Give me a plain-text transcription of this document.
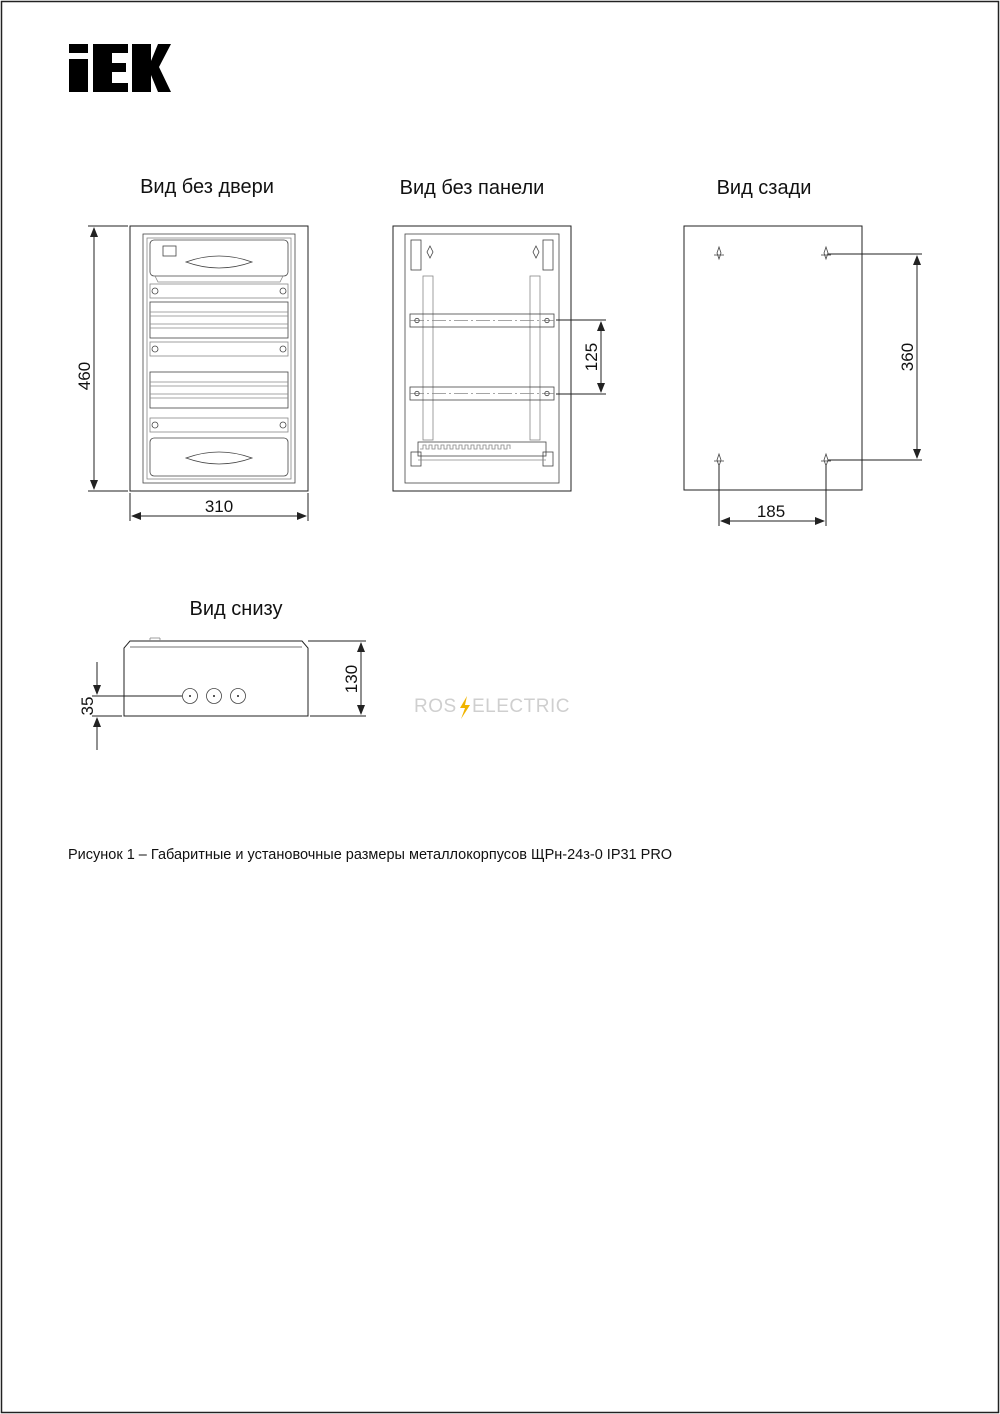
Вид без двери
460
310
Вид без панели
125
Вид сзади
360
185
Вид снизу
130
35	ROS ELECTRIC
Рисунок 1 – Габаритные и установочные размеры металлокорпусов ЩРн-24з-0 IP31 PRO
